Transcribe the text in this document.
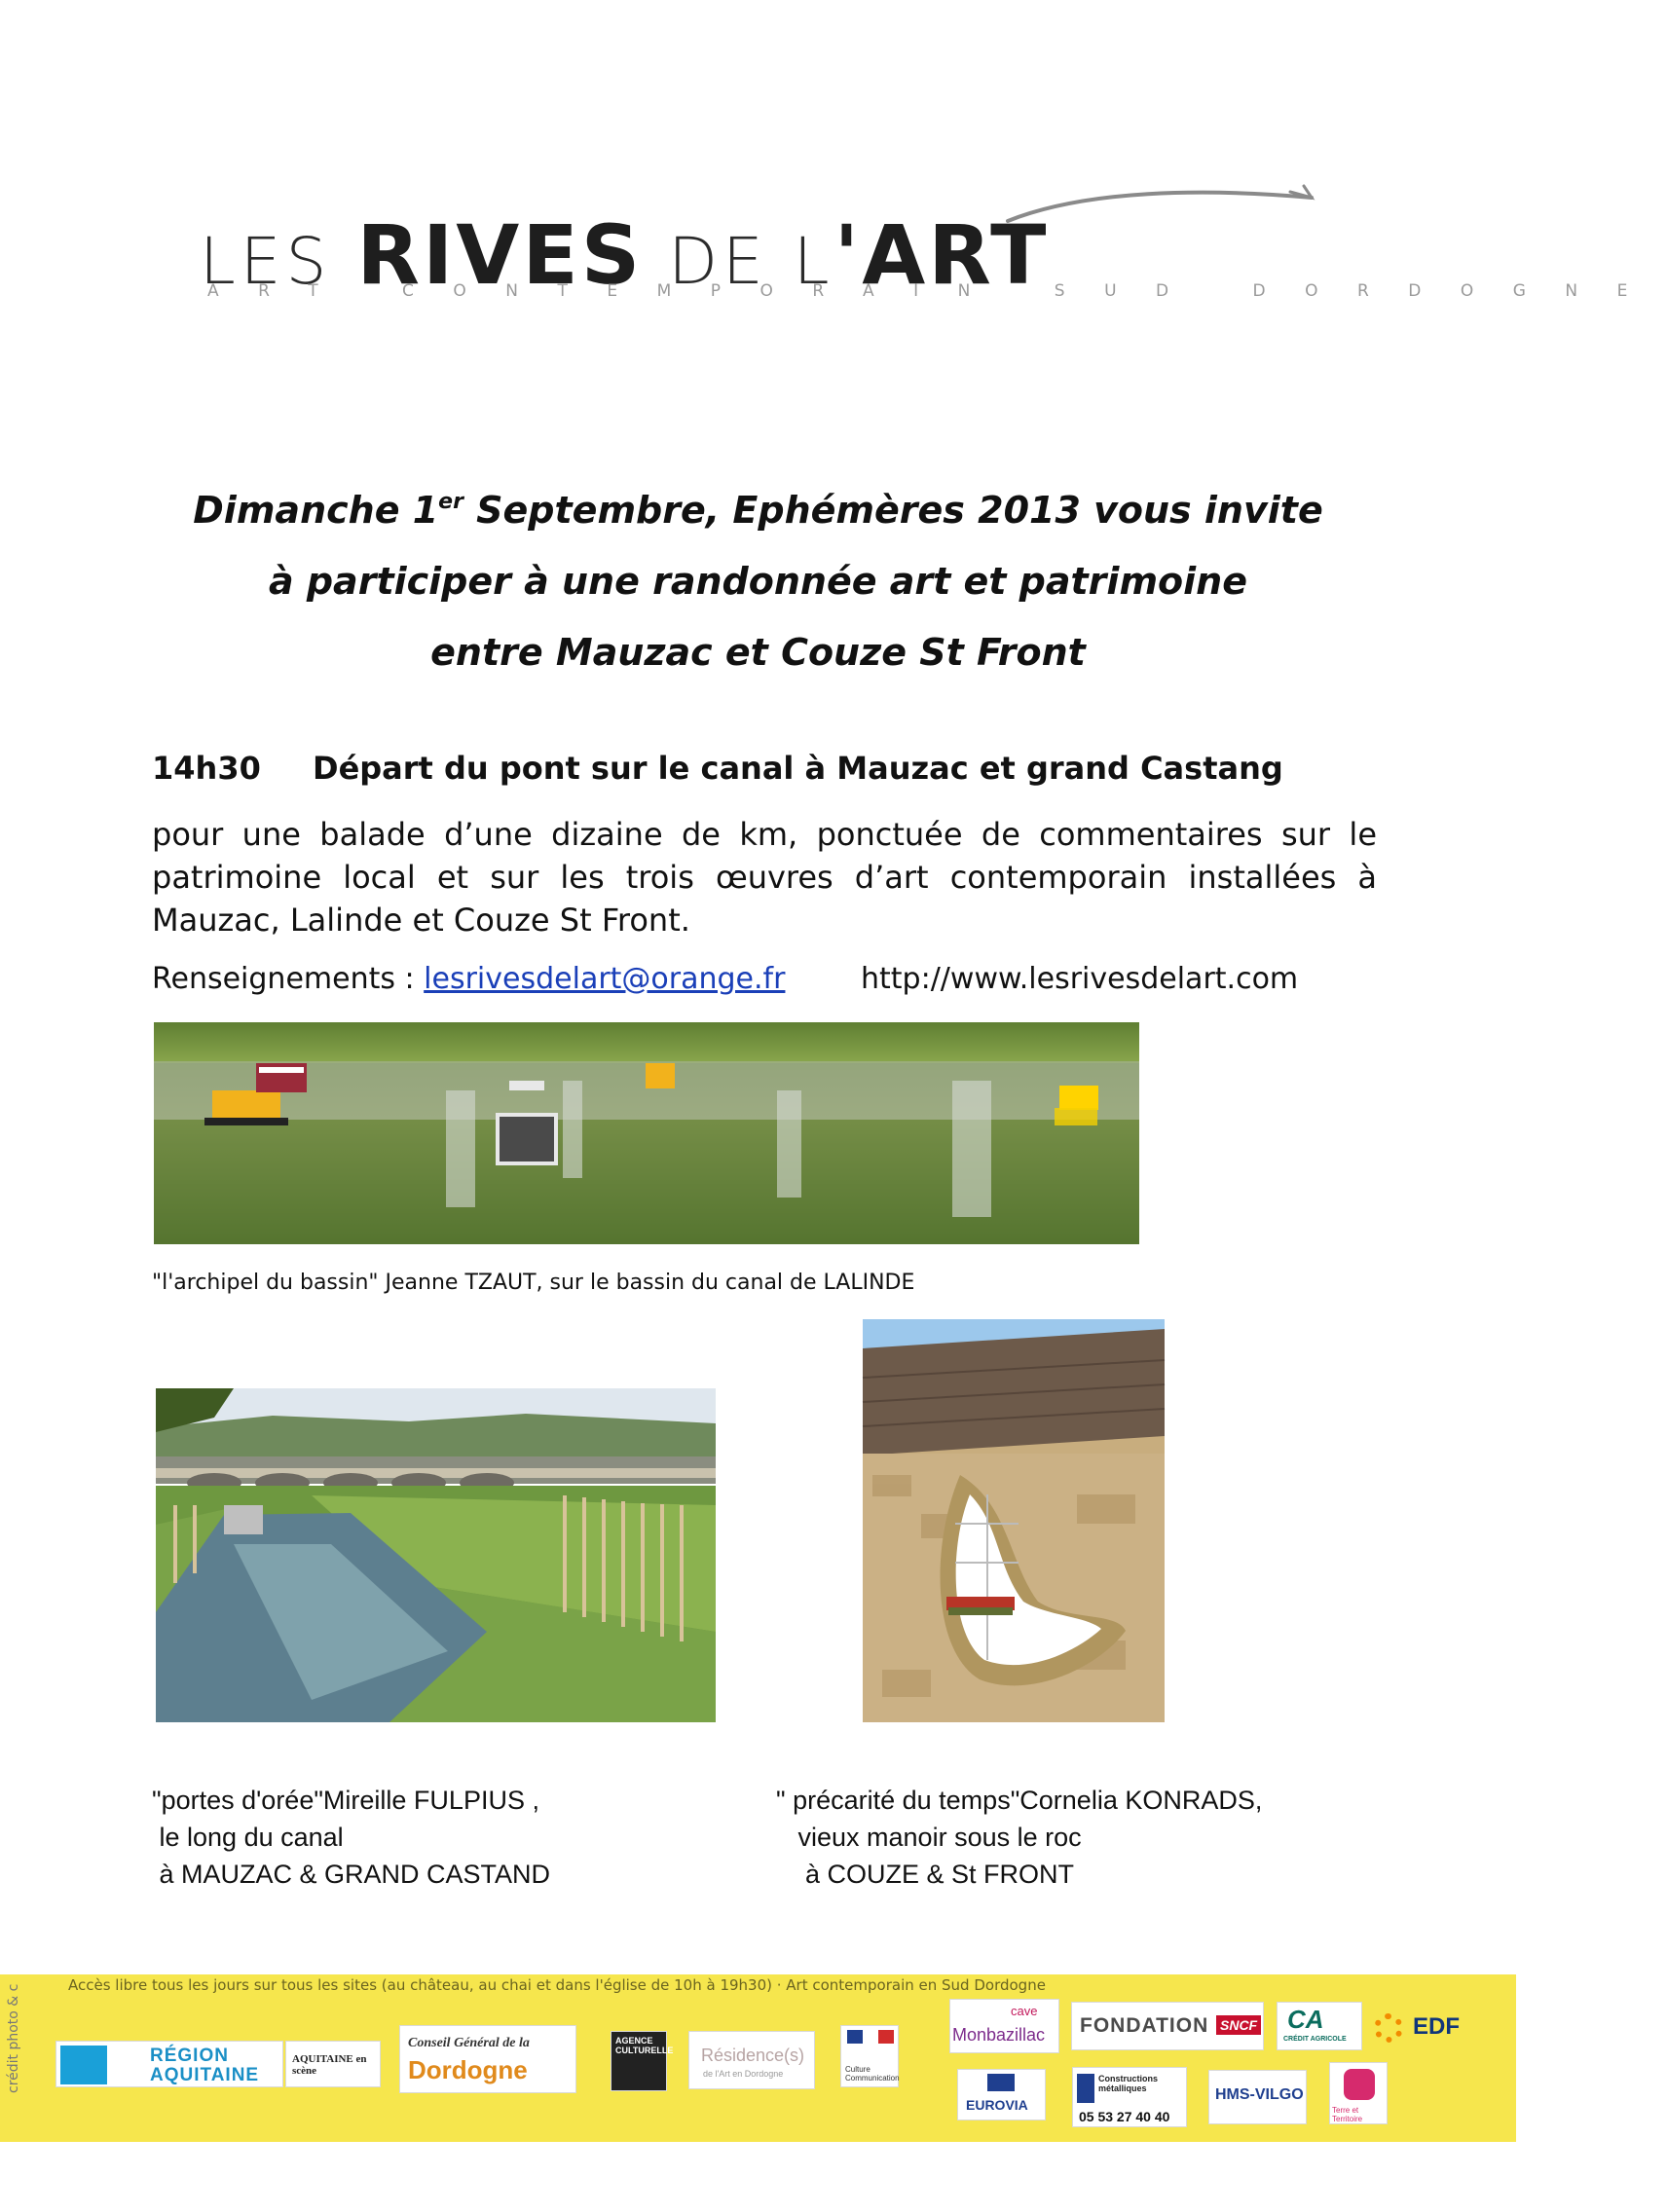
LES RIVES DE L'ART
ART CONTEMPORAIN SUD DORDOGNE
Dimanche 1er Septembre, Ephémères 2013 vous invite
à participer à une randonnée art et patrimoine
entre Mauzac et Couze St Front
14h30 Départ du pont sur le canal à Mauzac et grand Castang
pour une balade d’une dizaine de km, ponctuée de commentaires sur le patrimoine local et sur les trois œuvres d’art contemporain installées à Mauzac, Lalinde et Couze St Front.
Renseignements : lesrivesdelart@orange.fr	http://www.lesrivesdelart.com
"l'archipel du bassin" Jeanne TZAUT, sur le bassin du canal de LALINDE
"portes d'orée"Mireille FULPIUS ,
le long du canal
à MAUZAC & GRAND CASTAND
" précarité du temps"Cornelia KONRADS,
vieux manoir sous le roc
à COUZE & St FRONT
Accès libre tous les jours sur tous les sites (au château, au chai et dans l'église de 10h à 19h30) · Art contemporain en Sud Dordogne
crédit photo & c	RÉGION
AQUITAINE
AQUITAINE en scène
Conseil Général de la
Dordogne
AGENCE CULTURELLE Résidence(s)
de l'Art en Dordogne	Culture Communication
cave
Monbazillac FONDATION SNCF CA
CRÉDIT AGRICOLE	EDF
EUROVIA
Constructions métalliques
05 53 27 40 40
HMS-VILGO
Terre et Territoire
